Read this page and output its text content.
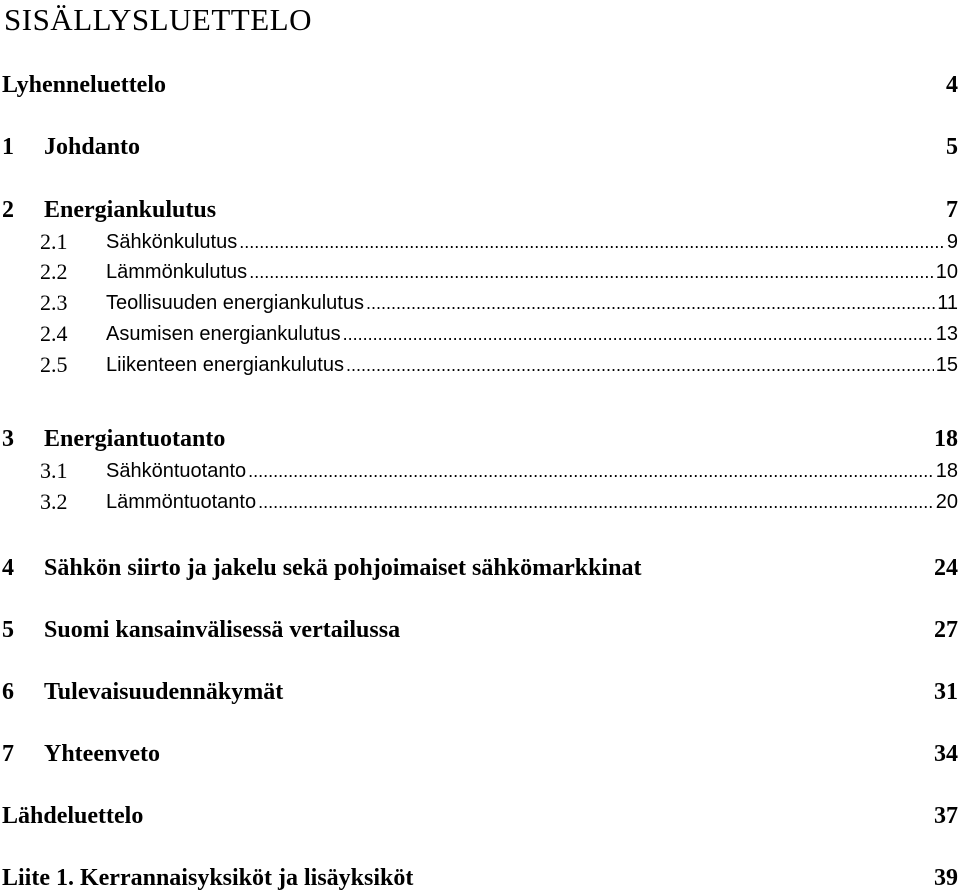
SISÄLLYSLUETTELO
Lyhenneluettelo	4
1 Johdanto	5
2 Energiankulutus	7
2.1 Sähkönkulutus .....	9
2.2 Lämmönkulutus .....	10
2.3 Teollisuuden energiankulutus .....	11
2.4 Asumisen energiankulutus .....	13
2.5 Liikenteen energiankulutus .....	15
3 Energiantuotanto	18
3.1 Sähköntuotanto .....	18
3.2 Lämmöntuotanto .....	20
4 Sähkön siirto ja jakelu sekä pohjoimaiset sähkömarkkinat	24
5 Suomi kansainvälisessä vertailussa	27
6 Tulevaisuudennäkymät	31
7 Yhteenveto	34
Lähdeluettelo	37
Liite 1. Kerrannaisyksiköt ja lisäyksiköt	39
